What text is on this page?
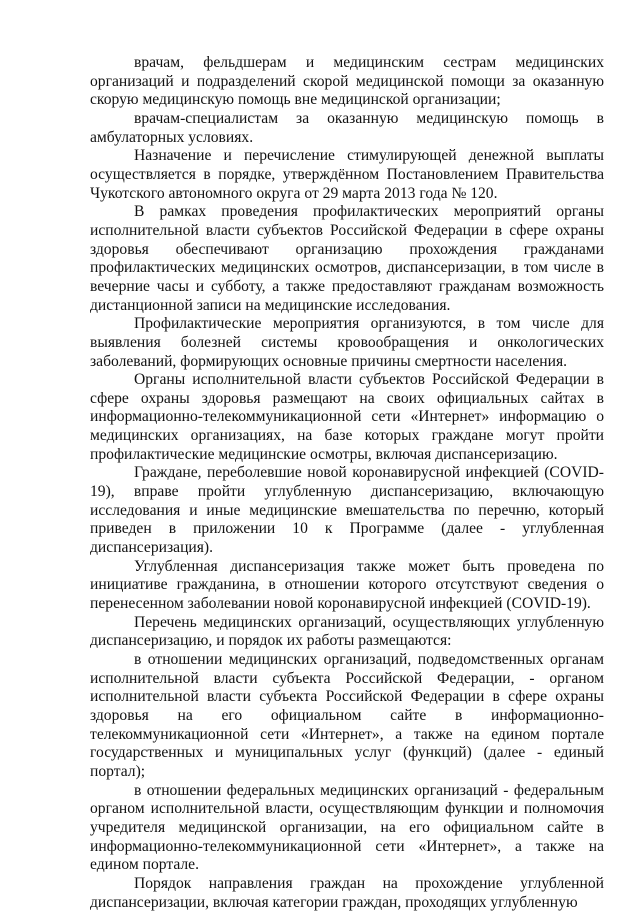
врачам, фельдшерам и медицинским сестрам медицинских организаций и подразделений скорой медицинской помощи за оказанную скорую медицинскую помощь вне медицинской организации;

врачам-специалистам за оказанную медицинскую помощь в амбулаторных условиях.

Назначение и перечисление стимулирующей денежной выплаты осуществляется в порядке, утверждённом Постановлением Правительства Чукотского автономного округа от 29 марта 2013 года № 120.

В рамках проведения профилактических мероприятий органы исполнительной власти субъектов Российской Федерации в сфере охраны здоровья обеспечивают организацию прохождения гражданами профилактических медицинских осмотров, диспансеризации, в том числе в вечерние часы и субботу, а также предоставляют гражданам возможность дистанционной записи на медицинские исследования.

Профилактические мероприятия организуются, в том числе для выявления болезней системы кровообращения и онкологических заболеваний, формирующих основные причины смертности населения.

Органы исполнительной власти субъектов Российской Федерации в сфере охраны здоровья размещают на своих официальных сайтах в информационно-телекоммуникационной сети «Интернет» информацию о медицинских организациях, на базе которых граждане могут пройти профилактические медицинские осмотры, включая диспансеризацию.

Граждане, переболевшие новой коронавирусной инфекцией (COVID-19), вправе пройти углубленную диспансеризацию, включающую исследования и иные медицинские вмешательства по перечню, который приведен в приложении 10 к Программе (далее - углубленная диспансеризация).

Углубленная диспансеризация также может быть проведена по инициативе гражданина, в отношении которого отсутствуют сведения о перенесенном заболевании новой коронавирусной инфекцией (COVID-19).

Перечень медицинских организаций, осуществляющих углубленную диспансеризацию, и порядок их работы размещаются:

в отношении медицинских организаций, подведомственных органам исполнительной власти субъекта Российской Федерации, - органом исполнительной власти субъекта Российской Федерации в сфере охраны здоровья на его официальном сайте в информационно-телекоммуникационной сети «Интернет», а также на едином портале государственных и муниципальных услуг (функций) (далее - единый портал);

в отношении федеральных медицинских организаций - федеральным органом исполнительной власти, осуществляющим функции и полномочия учредителя медицинской организации, на его официальном сайте в информационно-телекоммуникационной сети «Интернет», а также на едином портале.

Порядок направления граждан на прохождение углубленной диспансеризации, включая категории граждан, проходящих углубленную
